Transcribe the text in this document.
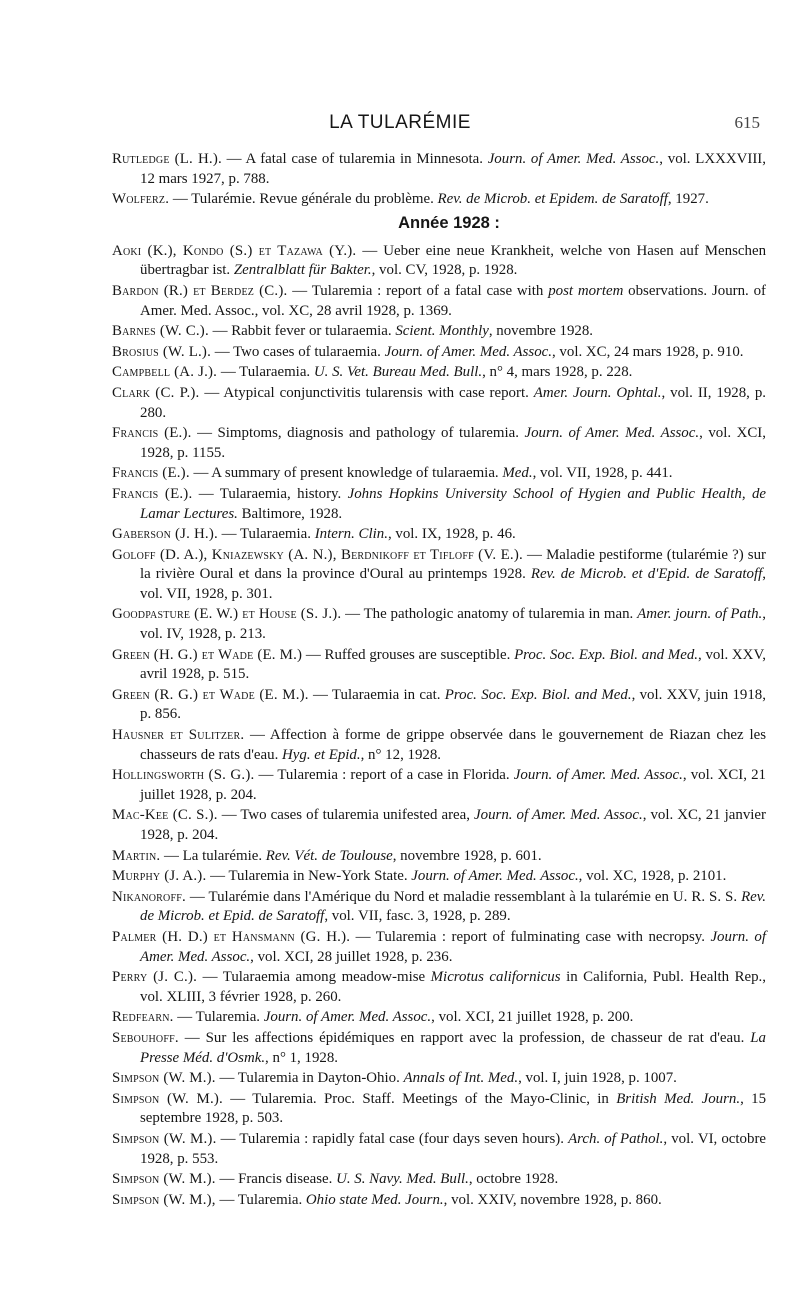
LA TULARÉMIE	615

Rutledge (L. H.). — A fatal case of tularemia in Minnesota. Journ. of Amer. Med. Assoc., vol. LXXXVIII, 12 mars 1927, p. 788.

Wolferz. — Tularémie. Revue générale du problème. Rev. de Microb. et Epidem. de Saratoff, 1927.

Année 1928 :

Aoki (K.), Kondo (S.) et Tazawa (Y.). — Ueber eine neue Krankheit, welche von Hasen auf Menschen übertragbar ist. Zentralblatt für Bakter., vol. CV, 1928, p. 1928.

Bardon (R.) et Berdez (C.). — Tularemia : report of a fatal case with post mortem observations. Journ. of Amer. Med. Assoc., vol. XC, 28 avril 1928, p. 1369.

Barnes (W. C.). — Rabbit fever or tularaemia. Scient. Monthly, novembre 1928.

Brosius (W. L.). — Two cases of tularaemia. Journ. of Amer. Med. Assoc., vol. XC, 24 mars 1928, p. 910.

Campbell (A. J.). — Tularaemia. U. S. Vet. Bureau Med. Bull., n° 4, mars 1928, p. 228.

Clark (C. P.). — Atypical conjunctivitis tularensis with case report. Amer. Journ. Ophtal., vol. II, 1928, p. 280.

Francis (E.). — Simptoms, diagnosis and pathology of tularemia. Journ. of Amer. Med. Assoc., vol. XCI, 1928, p. 1155.

Francis (E.). — A summary of present knowledge of tularaemia. Med., vol. VII, 1928, p. 441.

Francis (E.). — Tularaemia, history. Johns Hopkins University School of Hygien and Public Health, de Lamar Lectures. Baltimore, 1928.

Gaberson (J. H.). — Tularaemia. Intern. Clin., vol. IX, 1928, p. 46.

Goloff (D. A.), Kniazewsky (A. N.), Berdnikoff et Tifloff (V. E.). — Maladie pestiforme (tularémie ?) sur la rivière Oural et dans la province d'Oural au printemps 1928. Rev. de Microb. et d'Epid. de Saratoff, vol. VII, 1928, p. 301.

Goodpasture (E. W.) et House (S. J.). — The pathologic anatomy of tularemia in man. Amer. journ. of Path., vol. IV, 1928, p. 213.

Green (H. G.) et Wade (E. M.) — Ruffed grouses are susceptible. Proc. Soc. Exp. Biol. and Med., vol. XXV, avril 1928, p. 515.

Green (R. G.) et Wade (E. M.). — Tularaemia in cat. Proc. Soc. Exp. Biol. and Med., vol. XXV, juin 1918, p. 856.

Hausner et Sulitzer. — Affection à forme de grippe observée dans le gouvernement de Riazan chez les chasseurs de rats d'eau. Hyg. et Epid., n° 12, 1928.

Hollingsworth (S. G.). — Tularemia : report of a case in Florida. Journ. of Amer. Med. Assoc., vol. XCI, 21 juillet 1928, p. 204.

Mac-Kee (C. S.). — Two cases of tularemia unifested area, Journ. of Amer. Med. Assoc., vol. XC, 21 janvier 1928, p. 204.

Martin. — La tularémie. Rev. Vét. de Toulouse, novembre 1928, p. 601.

Murphy (J. A.). — Tularemia in New-York State. Journ. of Amer. Med. Assoc., vol. XC, 1928, p. 2101.

Nikanoroff. — Tularémie dans l'Amérique du Nord et maladie ressemblant à la tularémie en U. R. S. S. Rev. de Microb. et Epid. de Saratoff, vol. VII, fasc. 3, 1928, p. 289.

Palmer (H. D.) et Hansmann (G. H.). — Tularemia : report of fulminating case with necropsy. Journ. of Amer. Med. Assoc., vol. XCI, 28 juillet 1928, p. 236.

Perry (J. C.). — Tularaemia among meadow-mise Microtus californicus in California, Publ. Health Rep., vol. XLIII, 3 février 1928, p. 260.

Redfearn. — Tularemia. Journ. of Amer. Med. Assoc., vol. XCI, 21 juillet 1928, p. 200.

Sebouhoff. — Sur les affections épidémiques en rapport avec la profession, de chasseur de rat d'eau. La Presse Méd. d'Osmk., n° 1, 1928.

Simpson (W. M.). — Tularemia in Dayton-Ohio. Annals of Int. Med., vol. I, juin 1928, p. 1007.

Simpson (W. M.). — Tularemia. Proc. Staff. Meetings of the Mayo-Clinic, in British Med. Journ., 15 septembre 1928, p. 503.

Simpson (W. M.). — Tularemia : rapidly fatal case (four days seven hours). Arch. of Pathol., vol. VI, octobre 1928, p. 553.

Simpson (W. M.). — Francis disease. U. S. Navy. Med. Bull., octobre 1928.

Simpson (W. M.), — Tularemia. Ohio state Med. Journ., vol. XXIV, novembre 1928, p. 860.
